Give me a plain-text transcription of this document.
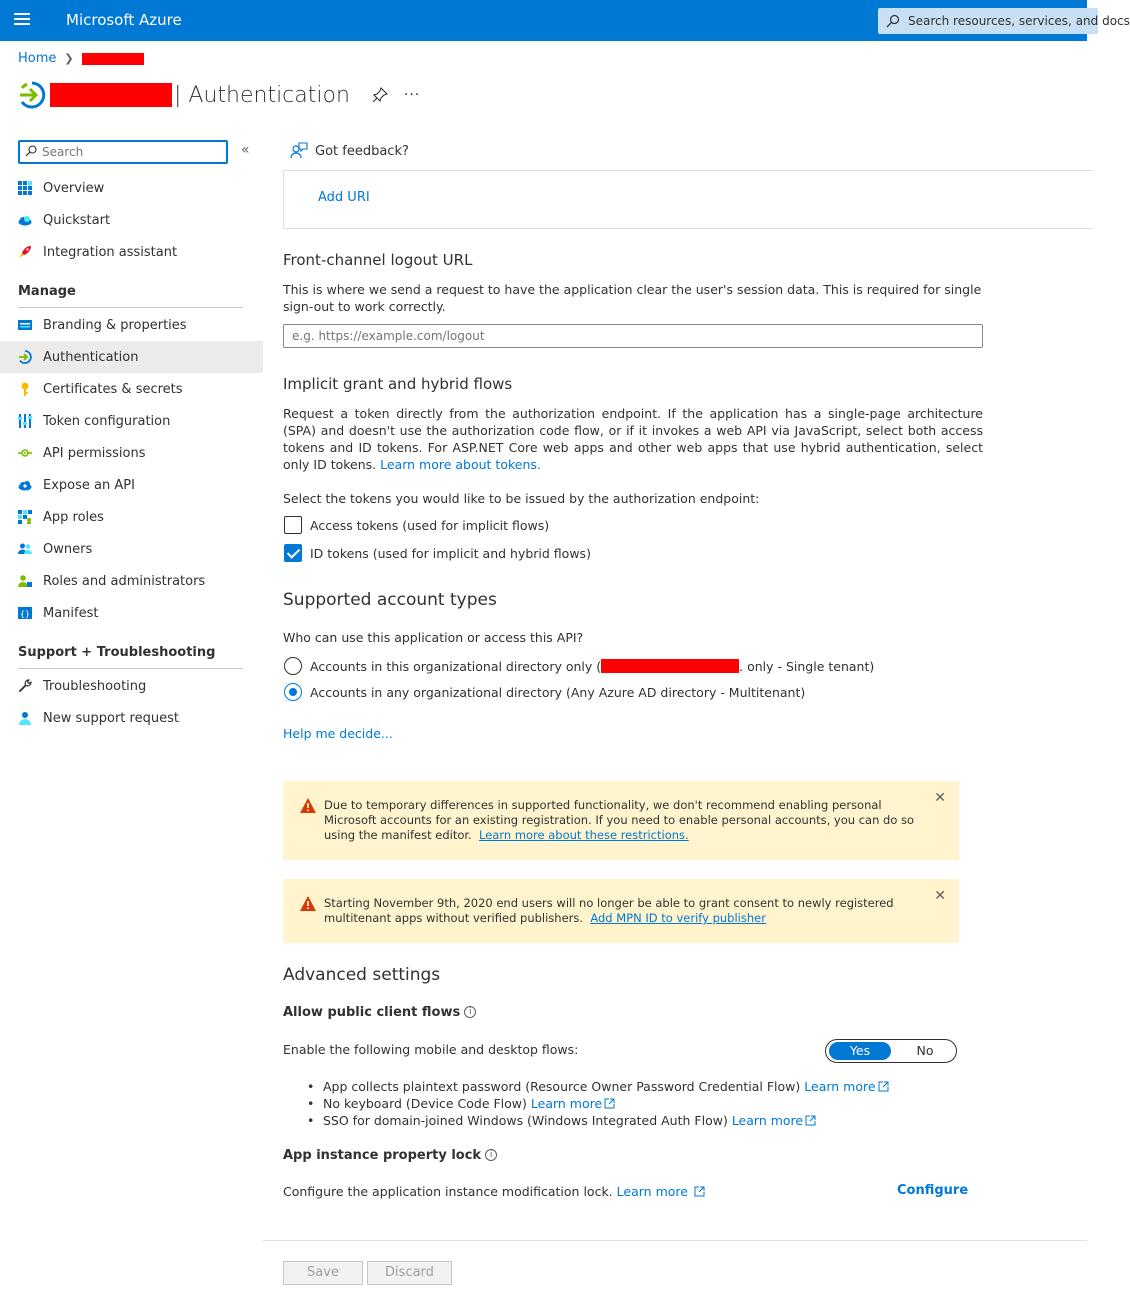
Microsoft Azure	Search resources, services, and docs
Home ❯
| Authentication	···
Search
«
Overview
Quickstart
Integration assistant
Manage
Branding & properties
Authentication
Certificates & secrets
Token configuration
API permissions
Expose an API
App roles
Owners
Roles and administrators
{} Manifest
Support + Troubleshooting
Troubleshooting
New support request
Got feedback?
Add URI
Front-channel logout URL
This is where we send a request to have the application clear the user's session data. This is required for single sign-out to work correctly.
e.g. https://example.com/logout
Implicit grant and hybrid flows
Request a token directly from the authorization endpoint. If the application has a single-page architecture (SPA) and doesn't use the authorization code flow, or if it invokes a web API via JavaScript, select both access tokens and ID tokens. For ASP.NET Core web apps and other web apps that use hybrid authentication, select only ID tokens. Learn more about tokens.
Select the tokens you would like to be issued by the authorization endpoint:
Access tokens (used for implicit flows)
ID tokens (used for implicit and hybrid flows)
Supported account types
Who can use this application or access this API?
Accounts in this organizational directory only (	. only - Single tenant)
Accounts in any organizational directory (Any Azure AD directory - Multitenant)
Help me decide...
✕
Due to temporary differences in supported functionality, we don't recommend enabling personal Microsoft accounts for an existing registration. If you need to enable personal accounts, you can do so using the manifest editor. Learn more about these restrictions.
✕
Starting November 9th, 2020 end users will no longer be able to grant consent to newly registered multitenant apps without verified publishers. Add MPN ID to verify publisher
Advanced settings
Allow public client flows i
Enable the following mobile and desktop flows:	Yes	No
• App collects plaintext password (Resource Owner Password Credential Flow) Learn more
• No keyboard (Device Code Flow) Learn more
• SSO for domain-joined Windows (Windows Integrated Auth Flow) Learn more
App instance property lock i
Configure the application instance modification lock. Learn more	Configure
Save	Discard
